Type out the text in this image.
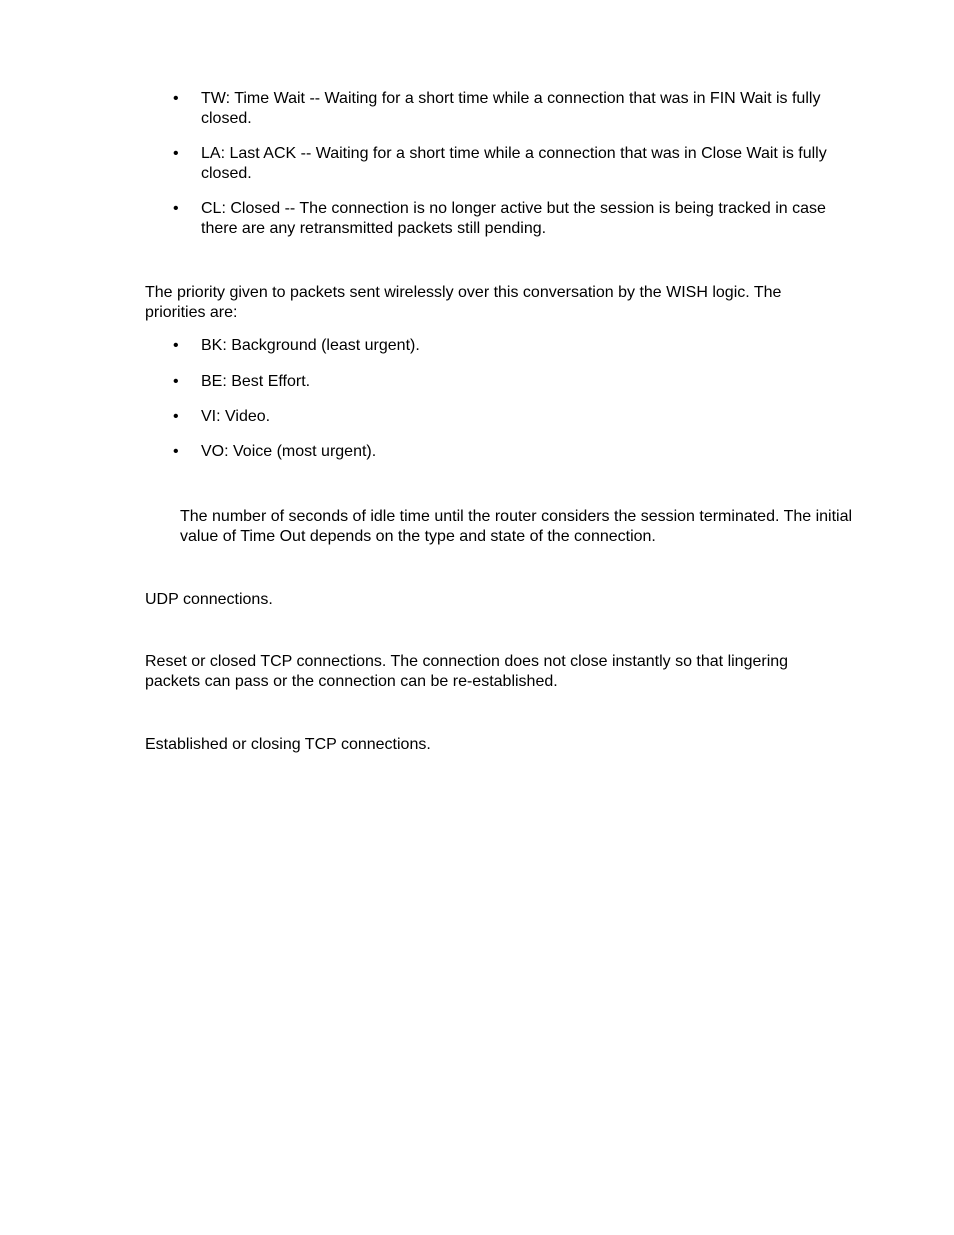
• TW: Time Wait -- Waiting for a short time while a connection that was in FIN Wait is fully closed.
• LA: Last ACK -- Waiting for a short time while a connection that was in Close Wait is fully closed.
• CL: Closed -- The connection is no longer active but the session is being tracked in case there are any retransmitted packets still pending.

The priority given to packets sent wirelessly over this conversation by the WISH logic. The priorities are:

• BK: Background (least urgent).
• BE: Best Effort.
• VI: Video.
• VO: Voice (most urgent).

The number of seconds of idle time until the router considers the session terminated. The initial value of Time Out depends on the type and state of the connection.

UDP connections.

Reset or closed TCP connections. The connection does not close instantly so that lingering packets can pass or the connection can be re-established.

Established or closing TCP connections.
